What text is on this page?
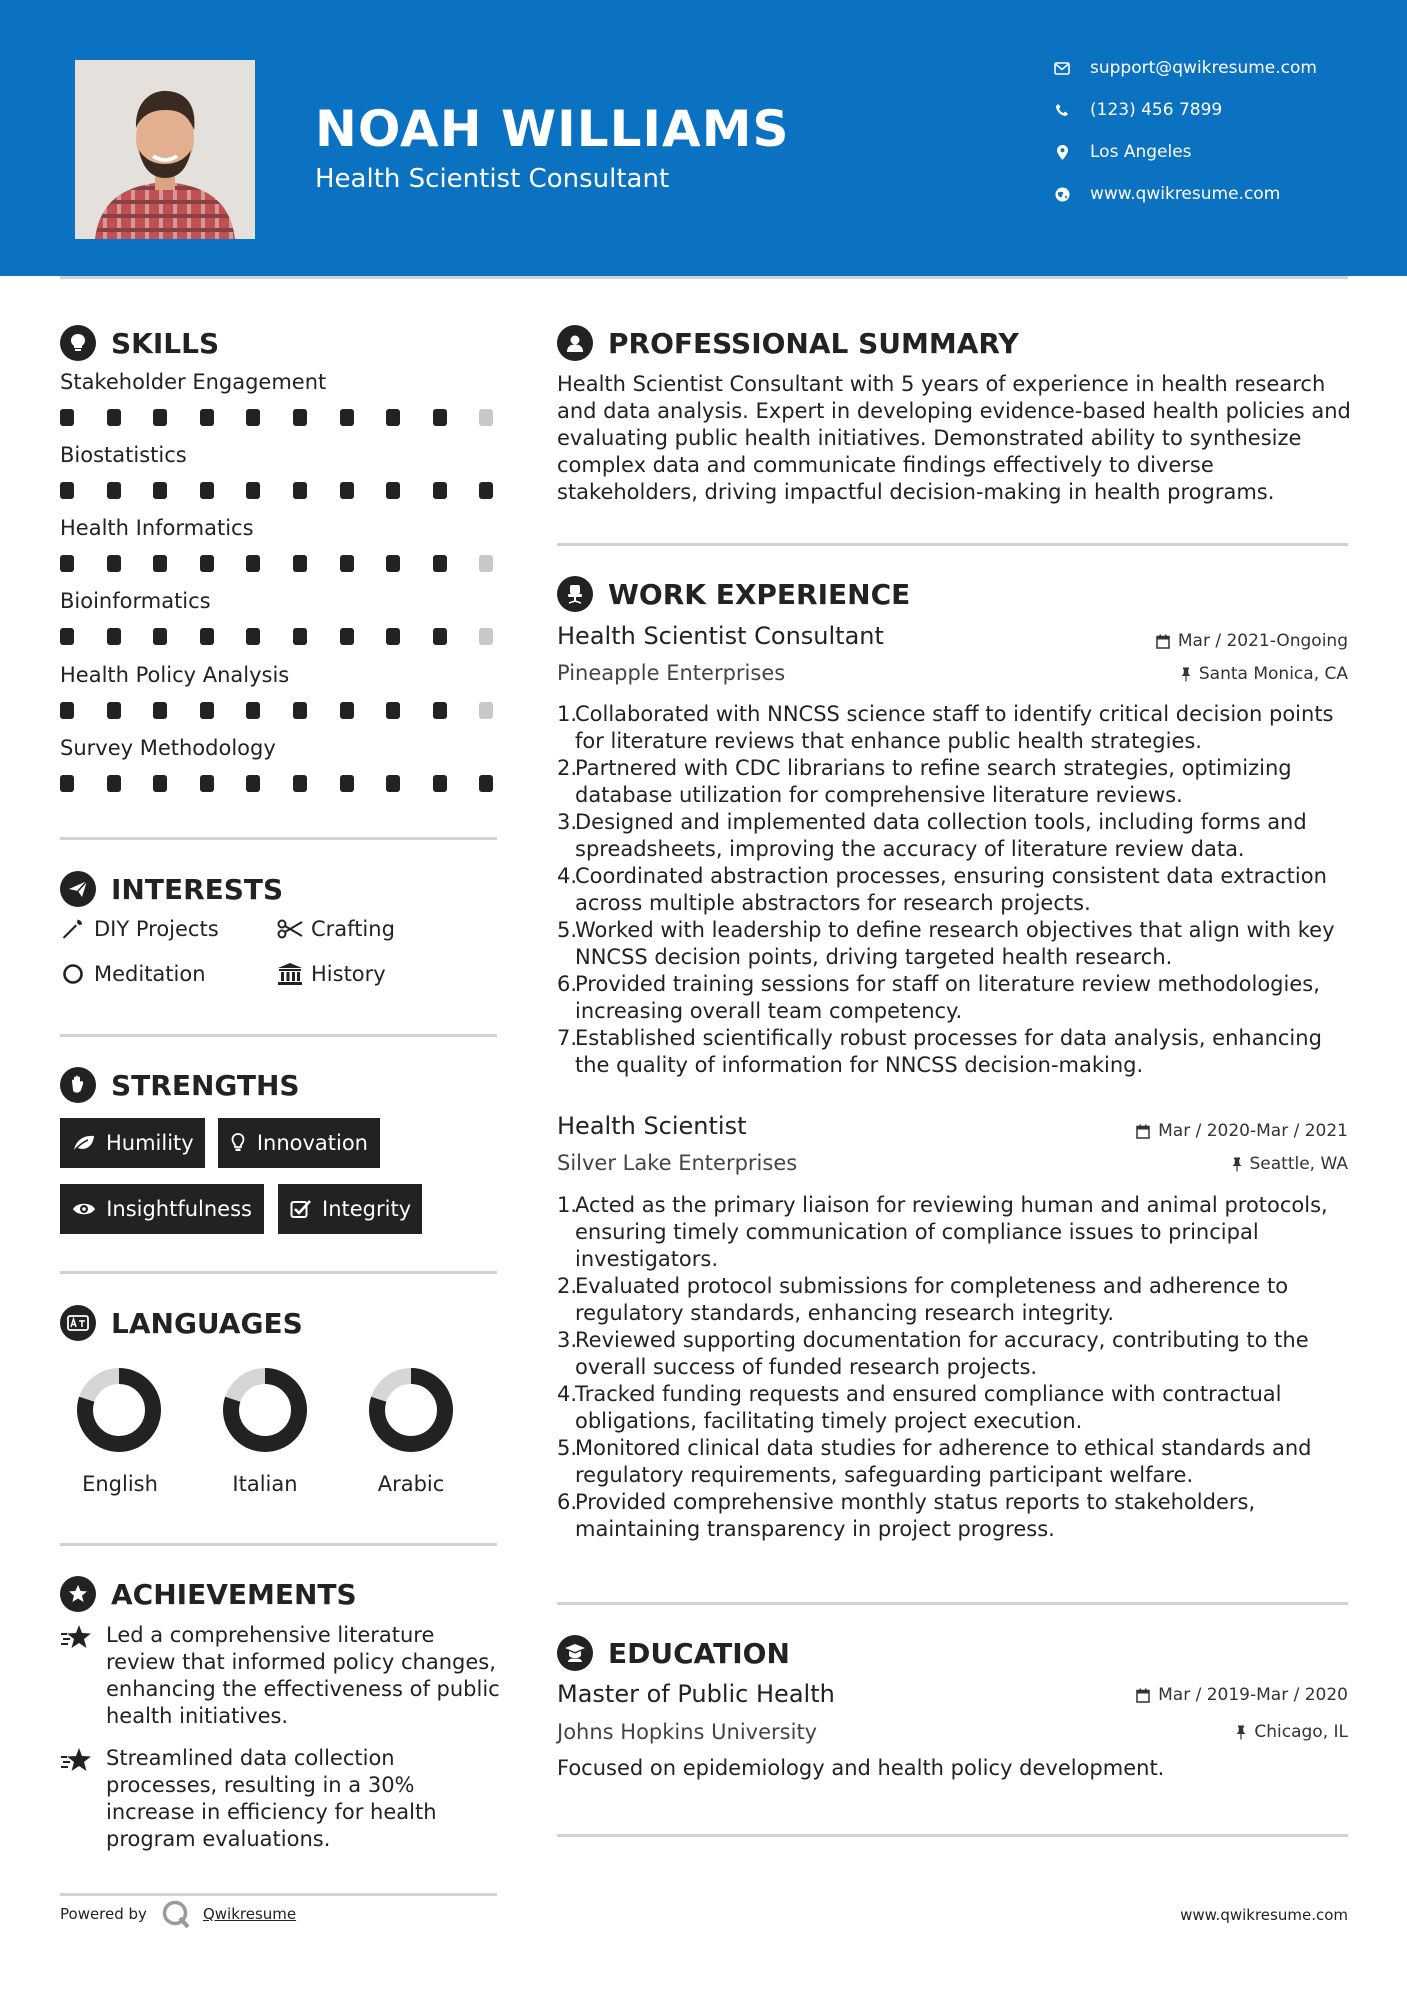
NOAH WILLIAMS
Health Scientist Consultant
support@qwikresume.com
(123) 456 7899
Los Angeles
www.qwikresume.com
SKILLS
Stakeholder Engagement
Biostatistics
Health Informatics
Bioinformatics
Health Policy Analysis
Survey Methodology
INTERESTS
DIY Projects	Crafting
Meditation	History
STRENGTHS
Humility	Innovation
Insightfulness	Integrity
LANGUAGES
English	Italian	Arabic
ACHIEVEMENTS
Led a comprehensive literature review that informed policy changes, enhancing the effectiveness of public health initiatives.
Streamlined data collection processes, resulting in a 30% increase in efficiency for health program evaluations.
PROFESSIONAL SUMMARY
Health Scientist Consultant with 5 years of experience in health research and data analysis. Expert in developing evidence-based health policies and evaluating public health initiatives. Demonstrated ability to synthesize complex data and communicate findings effectively to diverse stakeholders, driving impactful decision-making in health programs.
WORK EXPERIENCE
Health Scientist Consultant	Mar / 2021-Ongoing
Pineapple Enterprises	Santa Monica, CA
1.
Collaborated with NNCSS science staff to identify critical decision points for literature reviews that enhance public health strategies.
2.
Partnered with CDC librarians to refine search strategies, optimizing database utilization for comprehensive literature reviews.
3.
Designed and implemented data collection tools, including forms and spreadsheets, improving the accuracy of literature review data.
4.
Coordinated abstraction processes, ensuring consistent data extraction across multiple abstractors for research projects.
5.
Worked with leadership to define research objectives that align with key NNCSS decision points, driving targeted health research.
6.
Provided training sessions for staff on literature review methodologies, increasing overall team competency.
7.
Established scientifically robust processes for data analysis, enhancing the quality of information for NNCSS decision-making.
Health Scientist	Mar / 2020-Mar / 2021
Silver Lake Enterprises	Seattle, WA
1.
Acted as the primary liaison for reviewing human and animal protocols, ensuring timely communication of compliance issues to principal investigators.
2.
Evaluated protocol submissions for completeness and adherence to regulatory standards, enhancing research integrity.
3.
Reviewed supporting documentation for accuracy, contributing to the overall success of funded research projects.
4.
Tracked funding requests and ensured compliance with contractual obligations, facilitating timely project execution.
5.
Monitored clinical data studies for adherence to ethical standards and regulatory requirements, safeguarding participant welfare.
6.
Provided comprehensive monthly status reports to stakeholders, maintaining transparency in project progress.
EDUCATION
Master of Public Health	Mar / 2019-Mar / 2020
Johns Hopkins University	Chicago, IL
Focused on epidemiology and health policy development.
Powered by	Qwikresume	www.qwikresume.com
